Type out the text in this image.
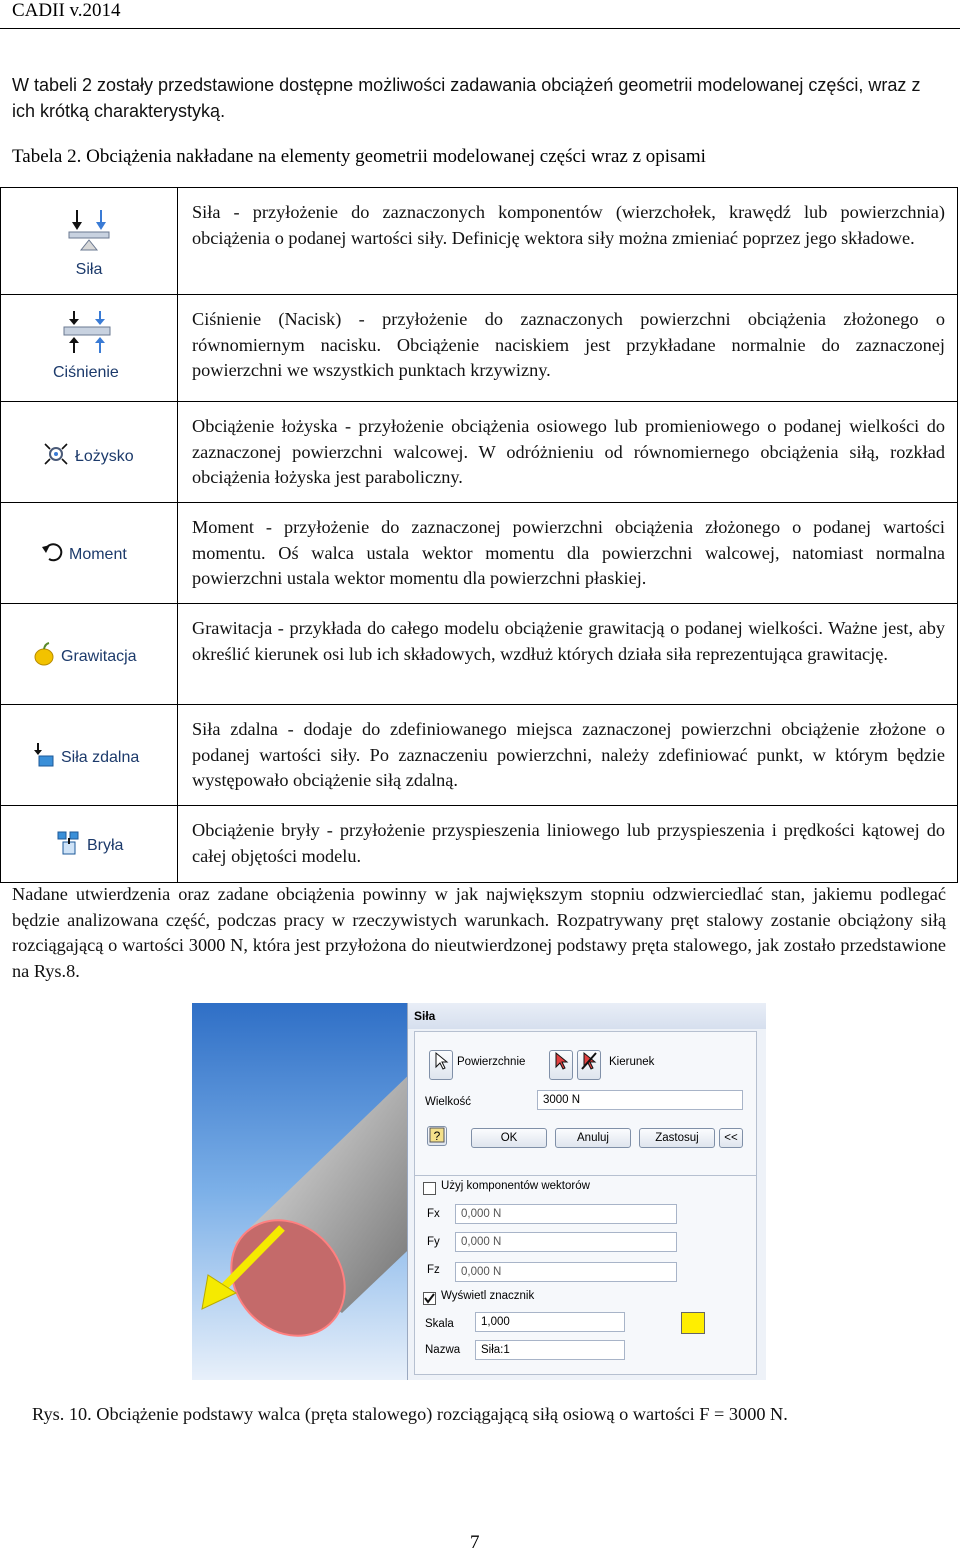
CADII v.2014
W tabeli 2 zostały przedstawione dostępne możliwości zadawania obciążeń geometrii modelowanej części, wraz z ich krótką charakterystyką.
Tabela 2. Obciążenia nakładane na elementy geometrii modelowanej części wraz z opisami
Siła	Siła - przyłożenie do zaznaczonych komponentów (wierzchołek, krawędź lub powierzchnia) obciążenia o podanej wartości siły. Definicję wektora siły można zmieniać poprzez jego składowe.

Ciśnienie	Ciśnienie (Nacisk) - przyłożenie do zaznaczonych powierzchni obciążenia złożonego o równomiernym nacisku. Obciążenie naciskiem jest przykładane normalnie do zaznaczonej powierzchni we wszystkich punktach krzywizny.

Łożysko	Obciążenie łożyska - przyłożenie obciążenia osiowego lub promieniowego o podanej wielkości do zaznaczonej powierzchni walcowej. W odróżnieniu od równomiernego obciążenia siłą, rozkład obciążenia łożyska jest paraboliczny.

Moment	Moment - przyłożenie do zaznaczonej powierzchni obciążenia złożonego o podanej wartości momentu. Oś walca ustala wektor momentu dla powierzchni walcowej, natomiast normalna powierzchni ustala wektor momentu dla powierzchni płaskiej.

Grawitacja	Grawitacja - przykłada do całego modelu obciążenie grawitacją o podanej wielkości. Ważne jest, aby określić kierunek osi lub ich składowych, wzdłuż których działa siła reprezentująca grawitację.

Siła zdalna	Siła zdalna - dodaje do zdefiniowanego miejsca zaznaczonej powierzchni obciążenie złożone o podanej wartości siły. Po zaznaczeniu powierzchni, należy zdefiniować punkt, w którym będzie występowało obciążenie siłą zdalną.

Bryła	Obciążenie bryły - przyłożenie przyspieszenia liniowego lub przyspieszenia i prędkości kątowej do całej objętości modelu.
Nadane utwierdzenia oraz zadane obciążenia powinny w jak największym stopniu odzwierciedlać stan, jakiemu podlegać będzie analizowana część, podczas pracy w rzeczywistych warunkach. Rozpatrywany pręt stalowy zostanie obciążony siłą rozciągającą o wartości 3000 N, która jest przyłożona do nieutwierdzonej podstawy pręta stalowego, jak zostało przedstawione na Rys.8.
Siła
Powierzchnie	Kierunek
Wielkość	3000 N
?	OK	Anuluj	Zastosuj	<<
Użyj komponentów wektorów
Fx	0,000 N
Fy	0,000 N
Fz	0,000 N
Wyświetl znacznik
Skala	1,000
Nazwa	Siła:1
Rys. 10. Obciążenie podstawy walca (pręta stalowego) rozciągającą siłą osiową o wartości F = 3000 N.
7
